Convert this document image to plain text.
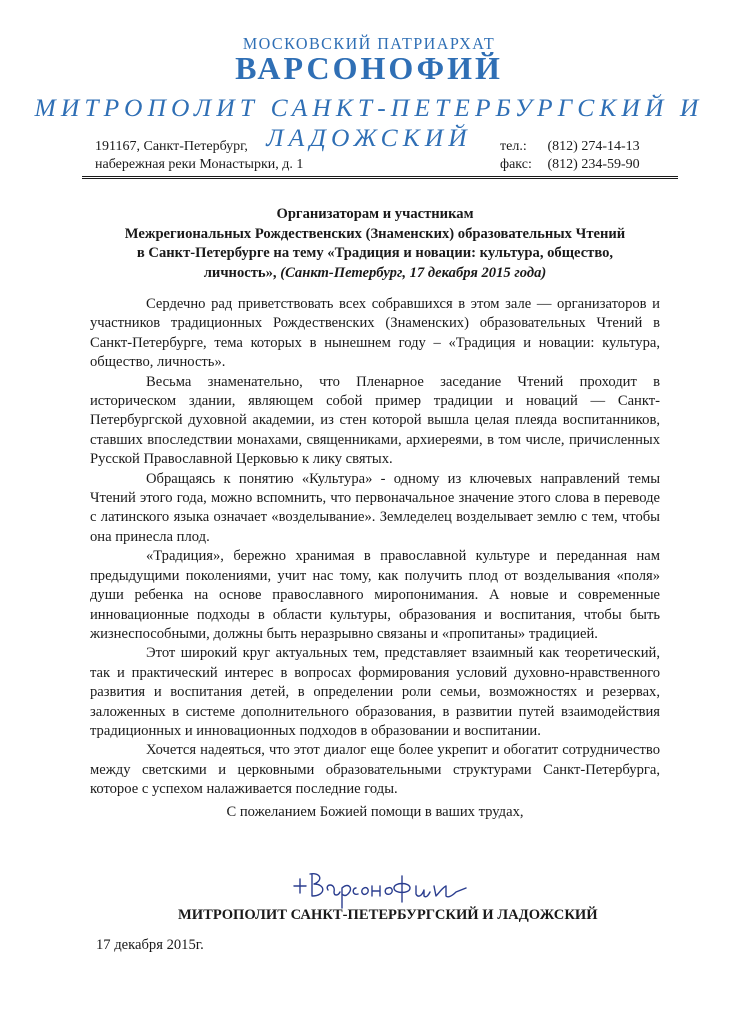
МОСКОВСКИЙ ПАТРИАРХАТ
ВАРСОНОФИЙ
МИТРОПОЛИТ САНКТ-ПЕТЕРБУРГСКИЙ И ЛАДОЖСКИЙ
191167, Санкт-Петербург,
набережная реки Монастырки, д. 1
тел.: (812) 274-14-13
факс: (812) 234-59-90
Организаторам и участникам
Межрегиональных Рождественских (Знаменских) образовательных Чтений
в Санкт-Петербурге на тему «Традиция и новации: культура, общество,
личность», (Санкт-Петербург, 17 декабря 2015 года)

Сердечно рад приветствовать всех собравшихся в этом зале — организаторов и участников традиционных Рождественских (Знаменских) образовательных Чтений в Санкт-Петербурге, тема которых в нынешнем году – «Традиция и новации: культура, общество, личность».

Весьма знаменательно, что Пленарное заседание Чтений проходит в историческом здании, являющем собой пример традиции и новаций — Санкт-Петербургской духовной академии, из стен которой вышла целая плеяда воспитанников, ставших впоследствии монахами, священниками, архиереями, в том числе, причисленных Русской Православной Церковью к лику святых.

Обращаясь к понятию «Культура» - одному из ключевых направлений темы Чтений этого года, можно вспомнить, что первоначальное значение этого слова в переводе с латинского языка означает «возделывание». Земледелец возделывает землю с тем, чтобы она принесла плод.

«Традиция», бережно хранимая в православной культуре и переданная нам предыдущими поколениями, учит нас тому, как получить плод от возделывания «поля» души ребенка на основе православного миропонимания. А новые и современные инновационные подходы в области культуры, образования и воспитания, чтобы быть жизнеспособными, должны быть неразрывно связаны и «пропитаны» традицией.

Этот широкий круг актуальных тем, представляет взаимный как теоретический, так и практический интерес в вопросах формирования условий духовно-нравственного развития и воспитания детей, в определении роли семьи, возможностях и резервах, заложенных в системе дополнительного образования, в развитии путей взаимодействия традиционных и инновационных подходов в образовании и воспитании.

Хочется надеяться, что этот диалог еще более укрепит и обогатит сотрудничество между светскими и церковными образовательными структурами Санкт-Петербурга, которое с успехом налаживается последние годы.

С пожеланием Божией помощи в ваших трудах,
МИТРОПОЛИТ САНКТ-ПЕТЕРБУРГСКИЙ И ЛАДОЖСКИЙ
17 декабря 2015г.
